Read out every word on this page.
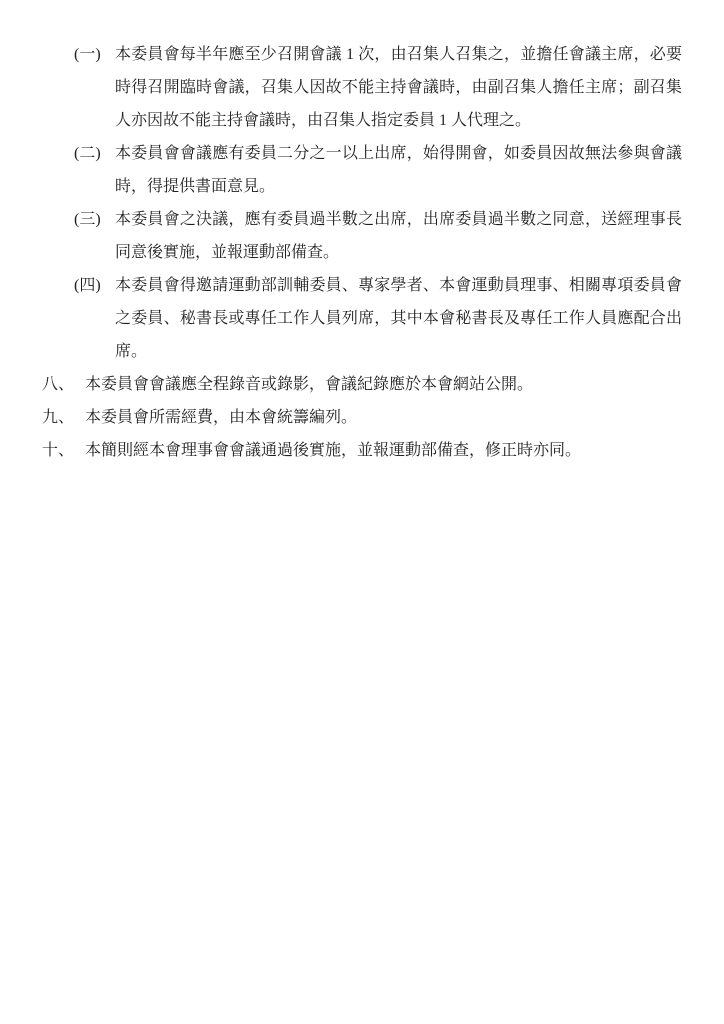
(一) 本委員會每半年應至少召開會議 1 次，由召集人召集之，並擔任會議主席，必要時得召開臨時會議，召集人因故不能主持會議時，由副召集人擔任主席；副召集人亦因故不能主持會議時，由召集人指定委員 1 人代理之。
(二) 本委員會會議應有委員二分之一以上出席，始得開會，如委員因故無法參與會議時，得提供書面意見。
(三) 本委員會之決議，應有委員過半數之出席，出席委員過半數之同意，送經理事長同意後實施，並報運動部備查。
(四) 本委員會得邀請運動部訓輔委員、專家學者、本會運動員理事、相關專項委員會之委員、秘書長或專任工作人員列席，其中本會秘書長及專任工作人員應配合出席。
八、 本委員會會議應全程錄音或錄影，會議紀錄應於本會網站公開。
九、 本委員會所需經費，由本會統籌編列。
十、 本簡則經本會理事會會議通過後實施，並報運動部備查，修正時亦同。
